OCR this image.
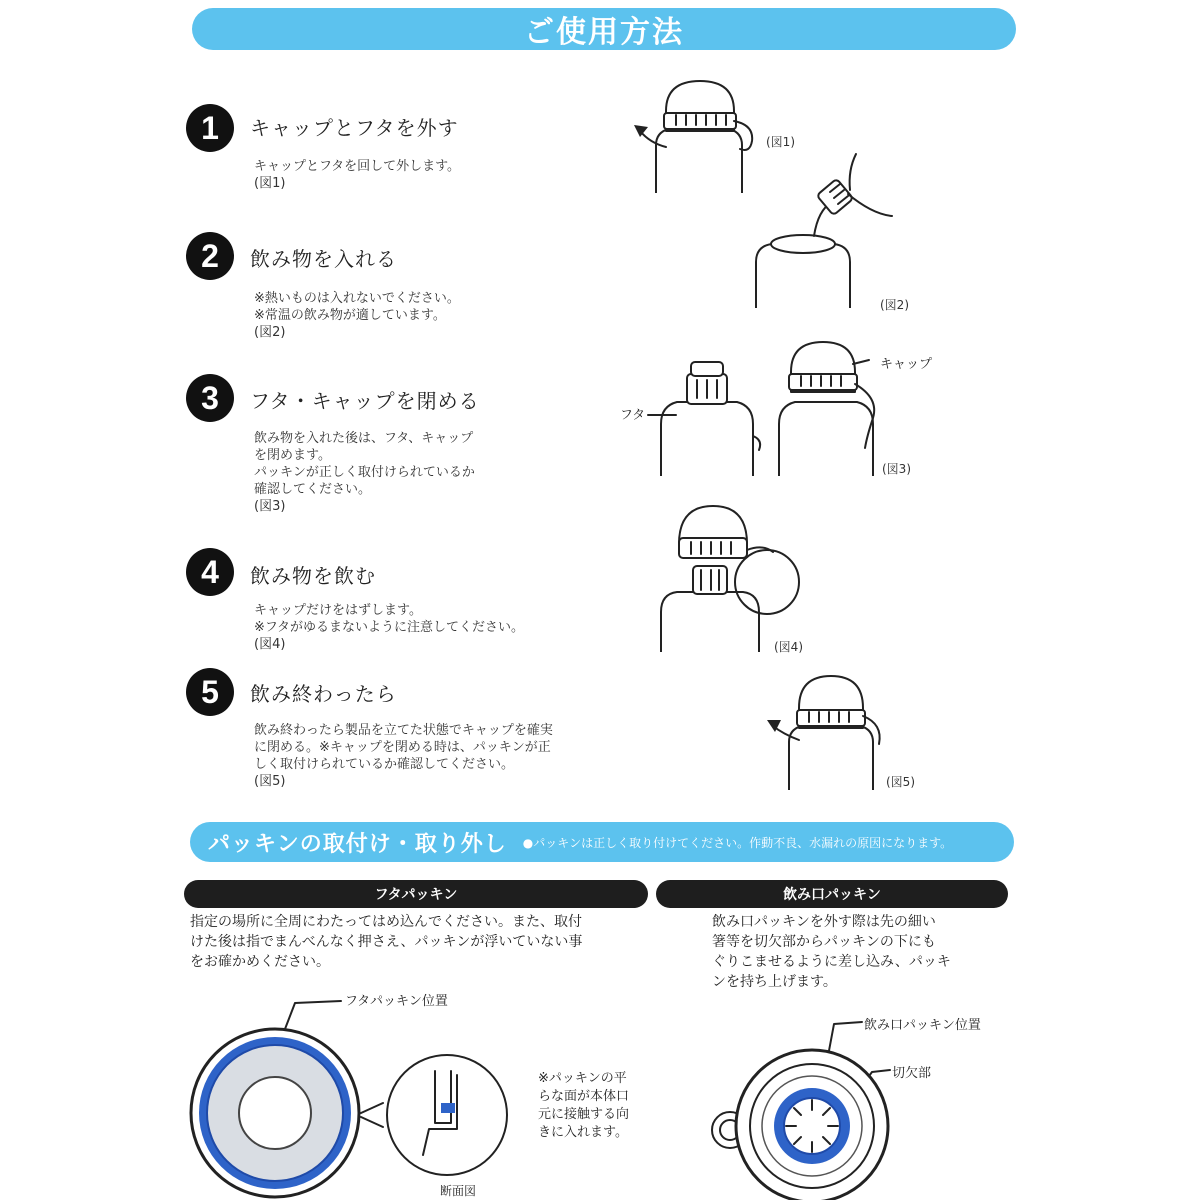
ご使用方法
1	キャップとフタを外す
キャップとフタを回して外します。
(図1)
2	飲み物を入れる
※熱いものは入れないでください。
※常温の飲み物が適しています。
(図2)
3	フタ・キャップを閉める
飲み物を入れた後は、フタ、キャップ
を閉めます。
パッキンが正しく取付けられているか
確認してください。
(図3)
4	飲み物を飲む
キャップだけをはずします。
※フタがゆるまないように注意してください。
(図4)
5	飲み終わったら
飲み終わったら製品を立てた状態でキャップを確実
に閉める。※キャップを閉める時は、パッキンが正
しく取付けられているか確認してください。
(図5)
(図1)
(図2)
キャップ
フタ
(図3)
(図4)
(図5)
パッキンの取付け・取り外し ●パッキンは正しく取り付けてください。作動不良、水漏れの原因になります。
フタパッキン
指定の場所に全周にわたってはめ込んでください。また、取付
けた後は指でまんべんなく押さえ、パッキンが浮いていない事
をお確かめください。
フタパッキン位置
断面図
※パッキンの平
らな面が本体口
元に接触する向
きに入れます。
飲み口パッキン
飲み口パッキンを外す際は先の細い
箸等を切欠部からパッキンの下にも
ぐりこませるように差し込み、パッキ
ンを持ち上げます。
飲み口パッキン位置
切欠部
